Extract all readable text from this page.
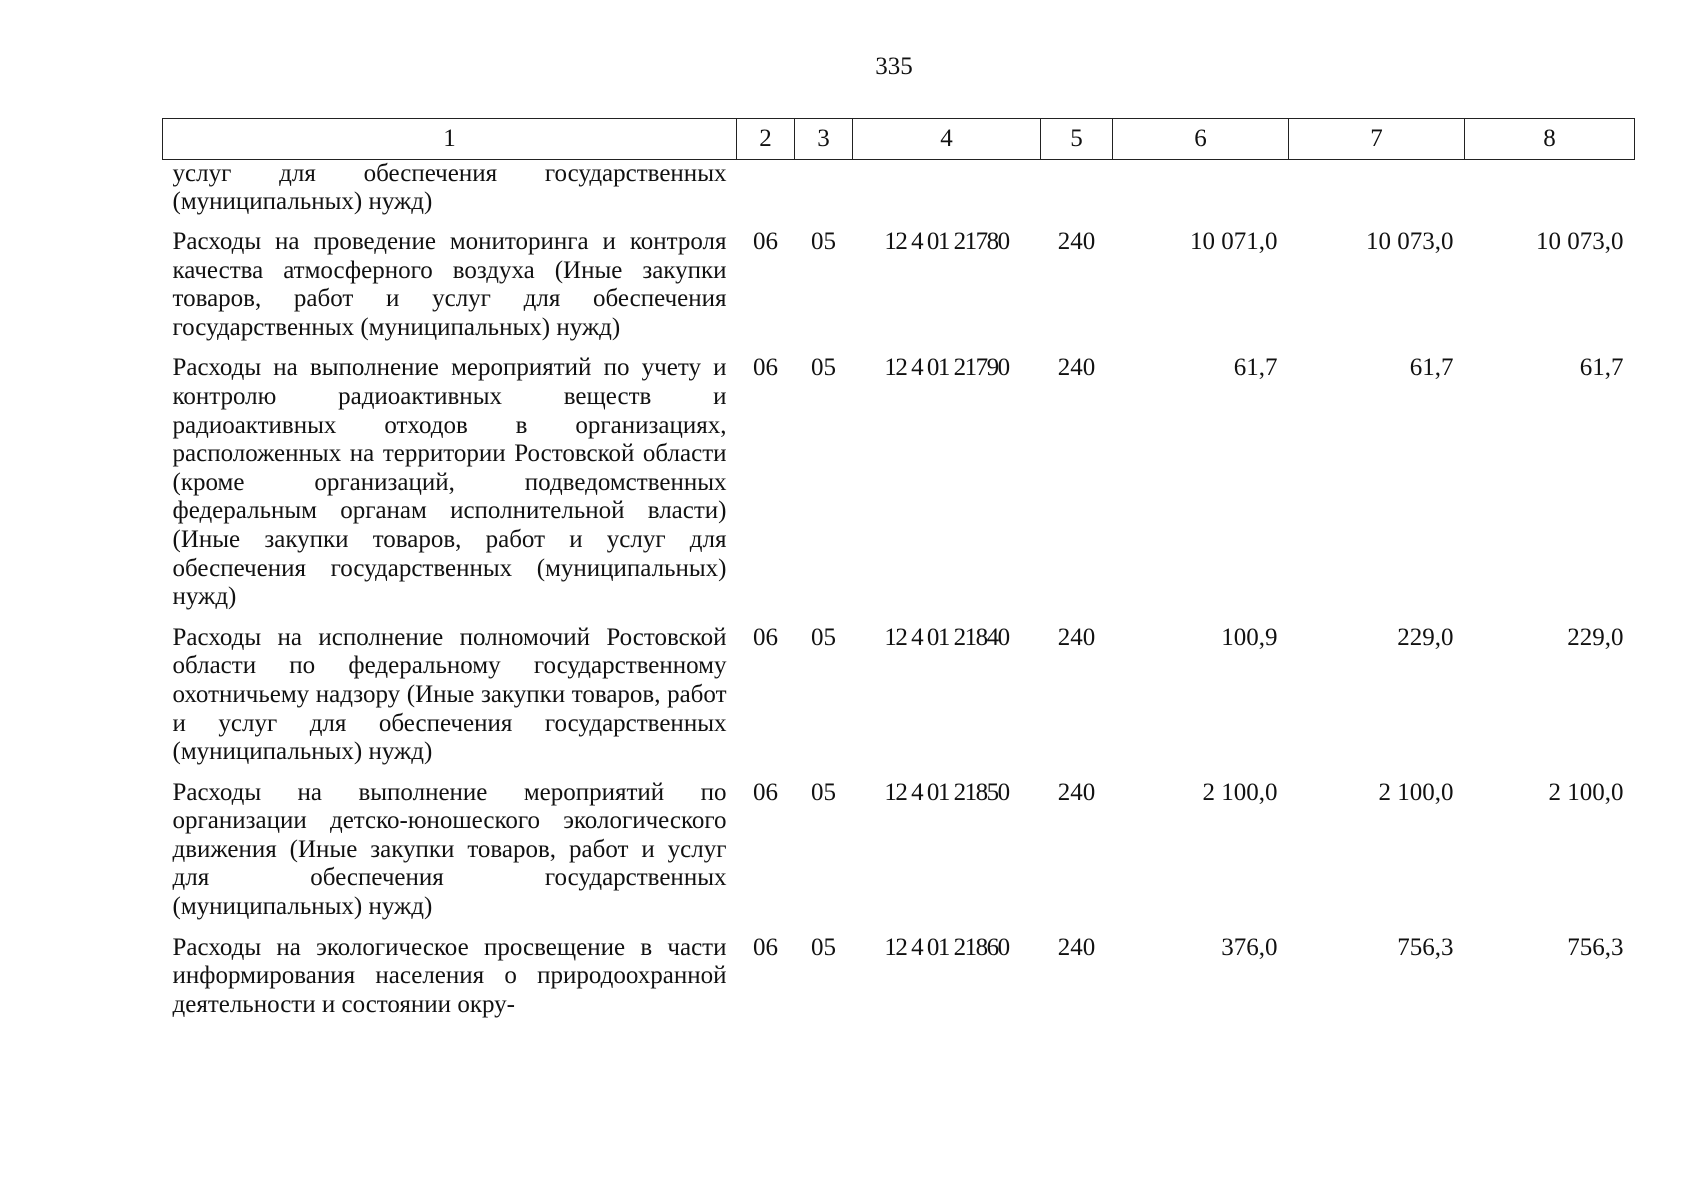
335
1	2	3	4	5	6	7	8
услуг для обеспечения государственных (муниципальных) нужд)							
Расходы на проведение мониторинга и контроля качества атмосферного воздуха (Иные закупки товаров, работ и услуг для обеспечения государственных (муниципальных) нужд)	06	05	12 4 01 21780	240	10 071,0	10 073,0	10 073,0
Расходы на выполнение мероприятий по учету и контролю радиоактивных веществ и радиоактивных отходов в организациях, расположенных на территории Ростовской области (кроме организаций, подведомственных федеральным органам исполнительной власти) (Иные закупки товаров, работ и услуг для обеспечения государственных (муниципальных) нужд)	06	05	12 4 01 21790	240	61,7	61,7	61,7
Расходы на исполнение полномочий Ростовской области по федеральному государственному охотничьему надзору (Иные закупки товаров, работ и услуг для обеспечения государственных (муниципальных) нужд)	06	05	12 4 01 21840	240	100,9	229,0	229,0
Расходы на выполнение мероприятий по организации детско-юношеского экологического движения (Иные закупки товаров, работ и услуг для обеспечения государственных (муниципальных) нужд)	06	05	12 4 01 21850	240	2 100,0	2 100,0	2 100,0
Расходы на экологическое просвещение в части информирования населения о природоохранной деятельности и состоянии окру-	06	05	12 4 01 21860	240	376,0	756,3	756,3
